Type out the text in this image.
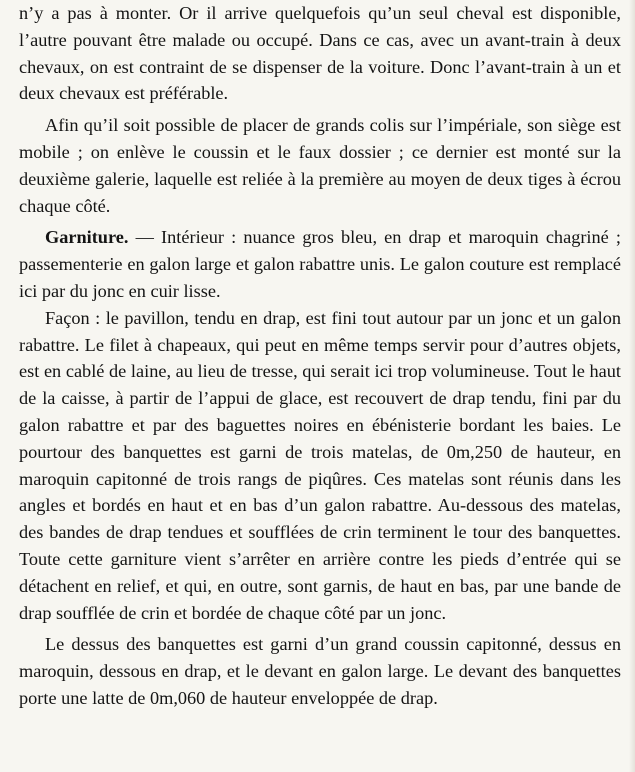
n’y a pas à monter. Or il arrive quelquefois qu’un seul cheval est disponible, l’autre pouvant être malade ou occupé. Dans ce cas, avec un avant-train à deux chevaux, on est contraint de se dispenser de la voiture. Donc l’avant-train à un et deux chevaux est préférable.

Afin qu’il soit possible de placer de grands colis sur l’impériale, son siège est mobile ; on enlève le coussin et le faux dossier ; ce dernier est monté sur la deuxième galerie, laquelle est reliée à la première au moyen de deux tiges à écrou chaque côté.

Garniture. — Intérieur : nuance gros bleu, en drap et maroquin chagriné ; passementerie en galon large et galon rabattre unis. Le galon couture est remplacé ici par du jonc en cuir lisse.

Façon : le pavillon, tendu en drap, est fini tout autour par un jonc et un galon rabattre. Le filet à chapeaux, qui peut en même temps servir pour d’autres objets, est en cablé de laine, au lieu de tresse, qui serait ici trop volumineuse. Tout le haut de la caisse, à partir de l’appui de glace, est recouvert de drap tendu, fini par du galon rabattre et par des baguettes noires en ébénisterie bordant les baies. Le pourtour des banquettes est garni de trois matelas, de 0m,250 de hauteur, en maroquin capitonné de trois rangs de piqûres. Ces matelas sont réunis dans les angles et bordés en haut et en bas d’un galon rabattre. Au-dessous des matelas, des bandes de drap tendues et soufflées de crin terminent le tour des banquettes. Toute cette garniture vient s’arrêter en arrière contre les pieds d’entrée qui se détachent en relief, et qui, en outre, sont garnis, de haut en bas, par une bande de drap soufflée de crin et bordée de chaque côté par un jonc.

Le dessus des banquettes est garni d’un grand coussin capitonné, dessus en maroquin, dessous en drap, et le devant en galon large. Le devant des banquettes porte une latte de 0m,060 de hauteur enveloppée de drap.
